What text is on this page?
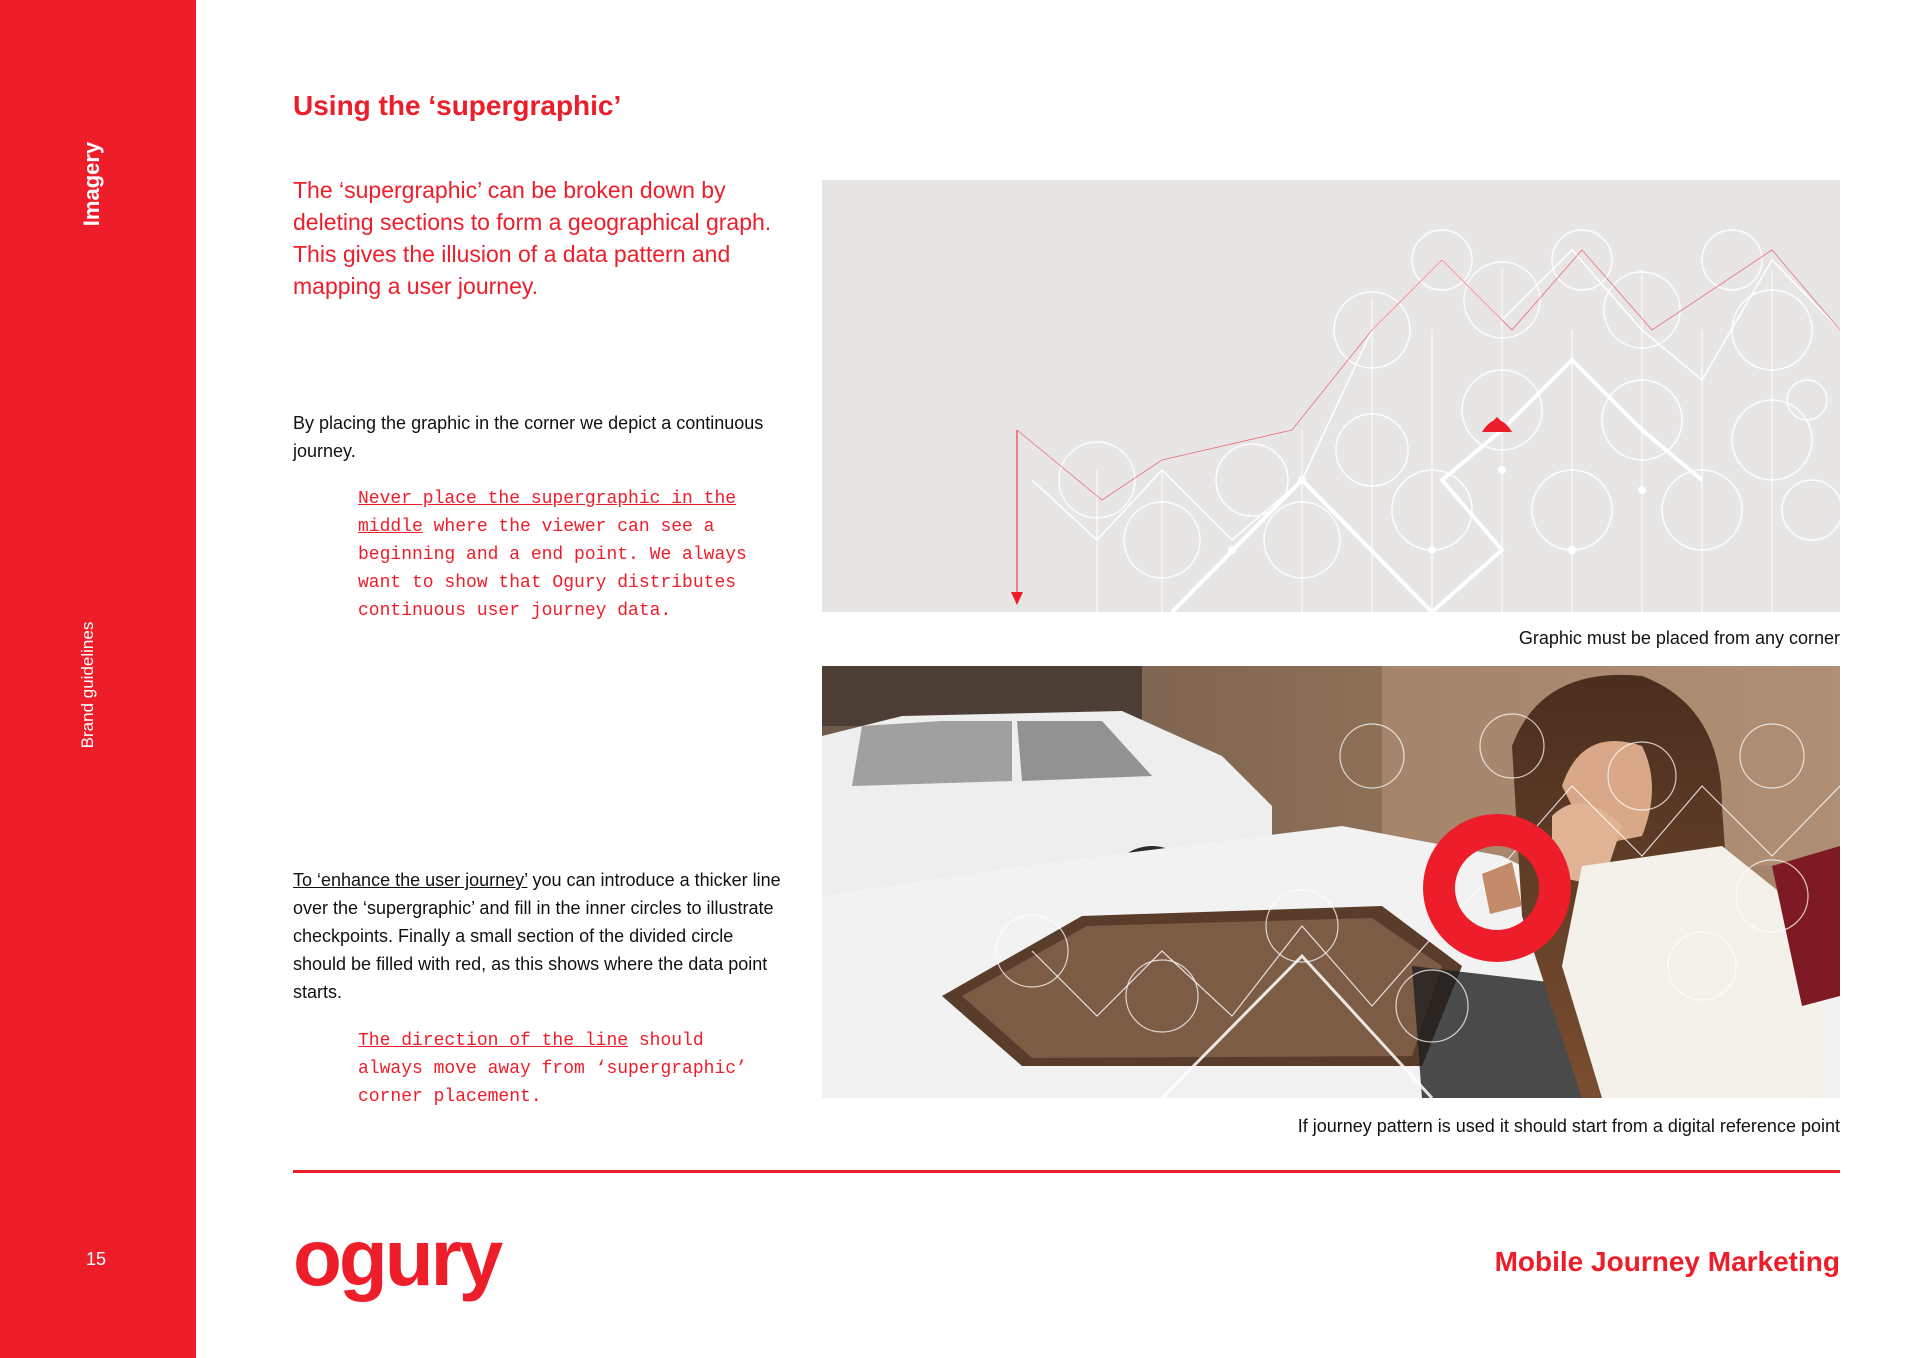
Imagery
Brand guidelines
15
Using the ‘supergraphic’
The ‘supergraphic’ can be broken down by deleting sections to form a geographical graph. This gives the illusion of a data pattern and mapping a user journey.
By placing the graphic in the corner we depict a continuous journey.
Never place the supergraphic in the middle where the viewer can see a beginning and a end point. We always want to show that Ogury distributes continuous user journey data.
To ‘enhance the user journey’ you can introduce a thicker line over the ‘supergraphic’ and fill in the inner circles to illustrate checkpoints. Finally a small section of the divided circle should be filled with red, as this shows where the data point starts.
The direction of the line should always move away from ‘supergraphic’ corner placement.
Graphic must be placed from any corner
If journey pattern is used it should start from a digital reference point
ogury	Mobile Journey Marketing
